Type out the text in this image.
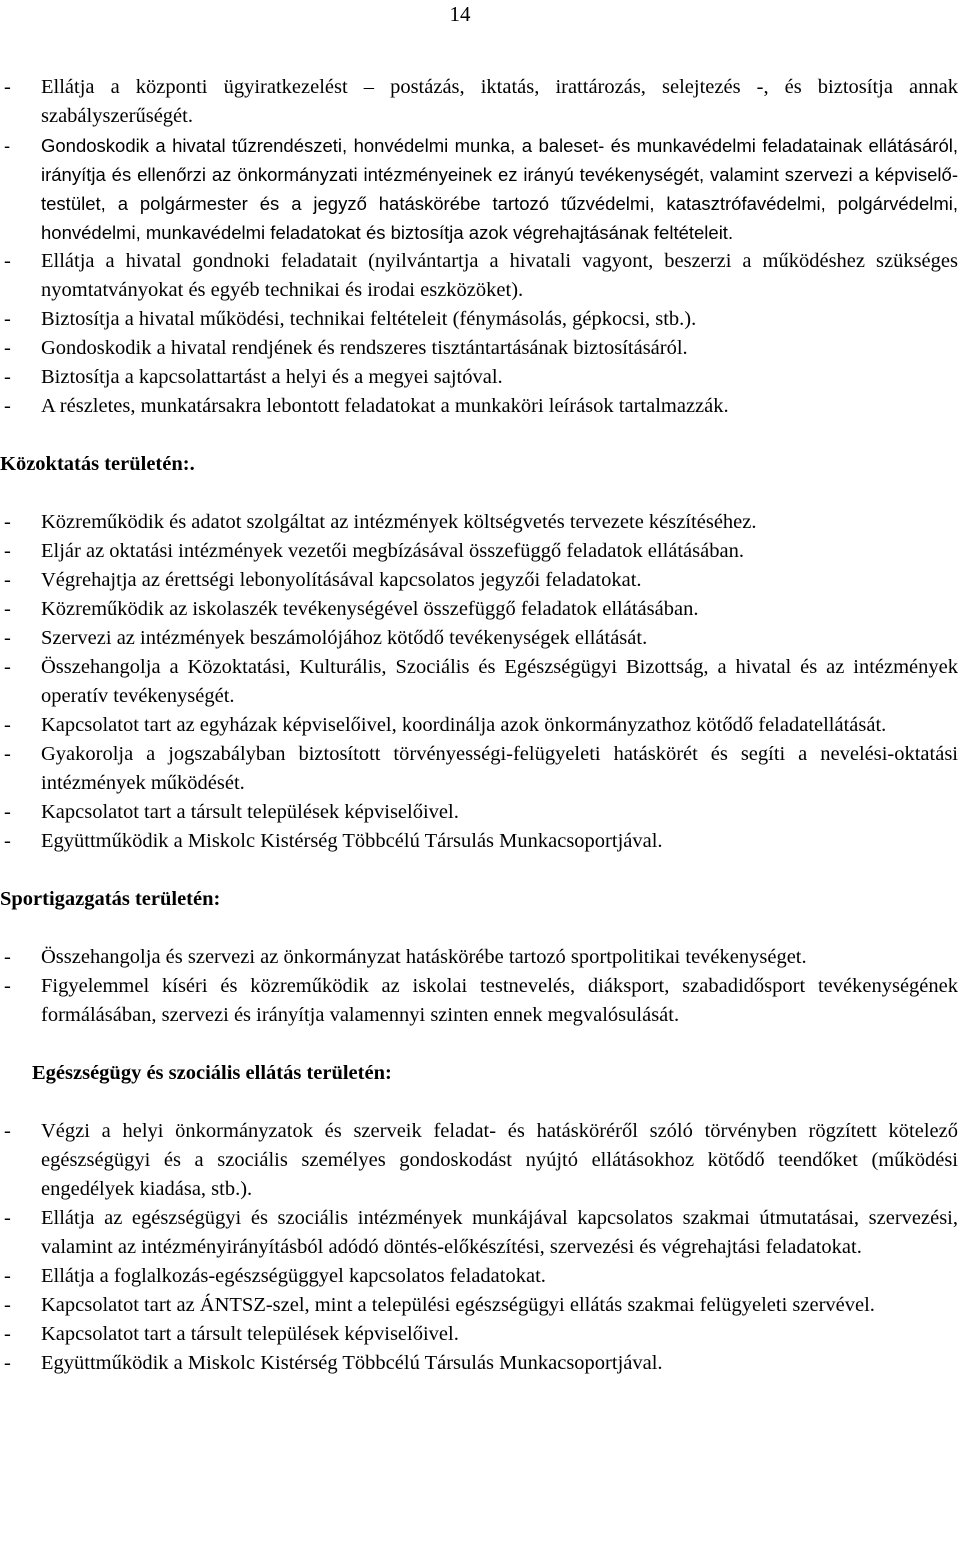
14
- Ellátja a központi ügyiratkezelést – postázás, iktatás, irattározás, selejtezés -, és biztosítja annak szabályszerűségét.
- Gondoskodik a hivatal tűzrendészeti, honvédelmi munka, a baleset- és munkavédelmi feladatainak ellátásáról, irányítja és ellenőrzi az önkormányzati intézményeinek ez irányú tevékenységét, valamint szervezi a képviselő-testület, a polgármester és a jegyző hatáskörébe tartozó tűzvédelmi, katasztrófavédelmi, polgárvédelmi, honvédelmi, munkavédelmi feladatokat és biztosítja azok végrehajtásának feltételeit.
- Ellátja a hivatal gondnoki feladatait (nyilvántartja a hivatali vagyont, beszerzi a működéshez szükséges nyomtatványokat és egyéb technikai és irodai eszközöket).
- Biztosítja a hivatal működési, technikai feltételeit (fénymásolás, gépkocsi, stb.).
- Gondoskodik a hivatal rendjének és rendszeres tisztántartásának biztosításáról.
- Biztosítja a kapcsolattartást a helyi és a megyei sajtóval.
- A részletes, munkatársakra lebontott feladatokat a munkaköri leírások tartalmazzák.

Közoktatás területén:.

- Közreműködik és adatot szolgáltat az intézmények költségvetés tervezete készítéséhez.
- Eljár az oktatási intézmények vezetői megbízásával összefüggő feladatok ellátásában.
- Végrehajtja az érettségi lebonyolításával kapcsolatos jegyzői feladatokat.
- Közreműködik az iskolaszék tevékenységével összefüggő feladatok ellátásában.
- Szervezi az intézmények beszámolójához kötődő tevékenységek ellátását.
- Összehangolja a Közoktatási, Kulturális, Szociális és Egészségügyi Bizottság, a hivatal és az intézmények operatív tevékenységét.
- Kapcsolatot tart az egyházak képviselőivel, koordinálja azok önkormányzathoz kötődő feladatellátását.
- Gyakorolja a jogszabályban biztosított törvényességi-felügyeleti hatáskörét és segíti a nevelési-oktatási intézmények működését.
- Kapcsolatot tart a társult települések képviselőivel.
- Együttműködik a Miskolc Kistérség Többcélú Társulás Munkacsoportjával.

Sportigazgatás területén:

- Összehangolja és szervezi az önkormányzat hatáskörébe tartozó sportpolitikai tevékenységet.
- Figyelemmel kíséri és közreműködik az iskolai testnevelés, diáksport, szabadidősport tevékenységének formálásában, szervezi és irányítja valamennyi szinten ennek megvalósulását.

Egészségügy és szociális ellátás területén:

- Végzi a helyi önkormányzatok és szerveik feladat- és hatásköréről szóló törvényben rögzített kötelező egészségügyi és a szociális személyes gondoskodást nyújtó ellátásokhoz kötődő teendőket (működési engedélyek kiadása, stb.).
- Ellátja az egészségügyi és szociális intézmények munkájával kapcsolatos szakmai útmutatásai, szervezési, valamint az intézményirányításból adódó döntés-előkészítési, szervezési és végrehajtási feladatokat.
- Ellátja a foglalkozás-egészségüggyel kapcsolatos feladatokat.
- Kapcsolatot tart az ÁNTSZ-szel, mint a települési egészségügyi ellátás szakmai felügyeleti szervével.
- Kapcsolatot tart a társult települések képviselőivel.
- Együttműködik a Miskolc Kistérség Többcélú Társulás Munkacsoportjával.
